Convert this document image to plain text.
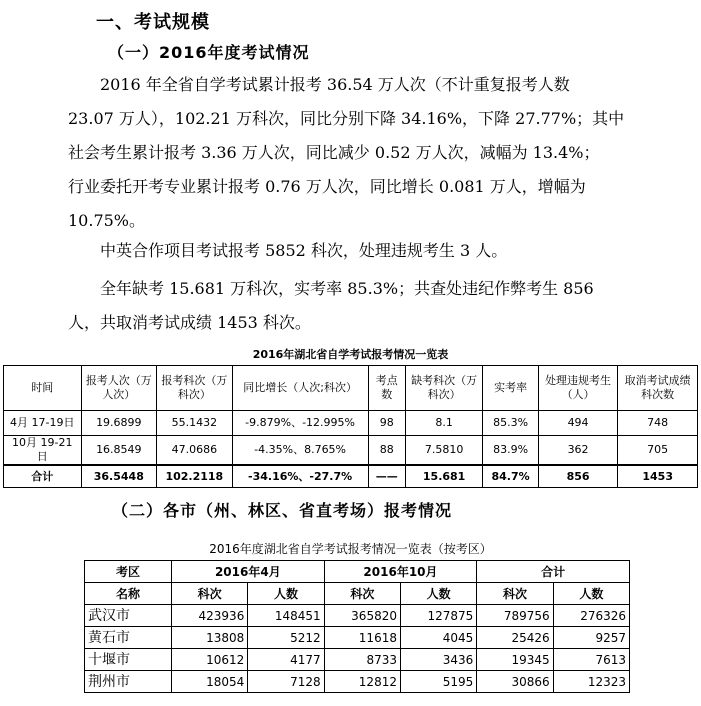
一、考试规模
（一）2016年度考试情况
2016 年全省自学考试累计报考 36.54 万人次（不计重复报考人数
23.07 万人），102.21 万科次，同比分别下降 34.16%，下降 27.77%；其中
社会考生累计报考 3.36 万人次，同比减少 0.52 万人次，减幅为 13.4%；
行业委托开考专业累计报考 0.76 万人次，同比增长 0.081 万人，增幅为
10.75%。
中英合作项目考试报考 5852 科次，处理违规考生 3 人。
全年缺考 15.681 万科次，实考率 85.3%；共查处违纪作弊考生 856
人，共取消考试成绩 1453 科次。
2016年湖北省自学考试报考情况一览表
时间	报考人次（万人次）	报考科次（万科次）	同比增长（人次;科次）	考点数	缺考科次（万科次）	实考率	处理违规考生（人）	取消考试成绩科次数
4月 17-19日	19.6899	55.1432	-9.879%、-12.995%	98	8.1	85.3%	494	748
10月 19-21日	16.8549	47.0686	-4.35%、8.765%	88	7.5810	83.9%	362	705
合计	36.5448	102.2118	-34.16%、-27.7%	——	15.681	84.7%	856	1453
（二）各市（州、林区、省直考场）报考情况
2016年度湖北省自学考试报考情况一览表（按考区）
考区	2016年4月		2016年10月		合计	
名称	科次	人数	科次	人数	科次	人数
武汉市	423936	148451	365820	127875	789756	276326
黄石市	13808	5212	11618	4045	25426	9257
十堰市	10612	4177	8733	3436	19345	7613
荆州市	18054	7128	12812	5195	30866	12323
